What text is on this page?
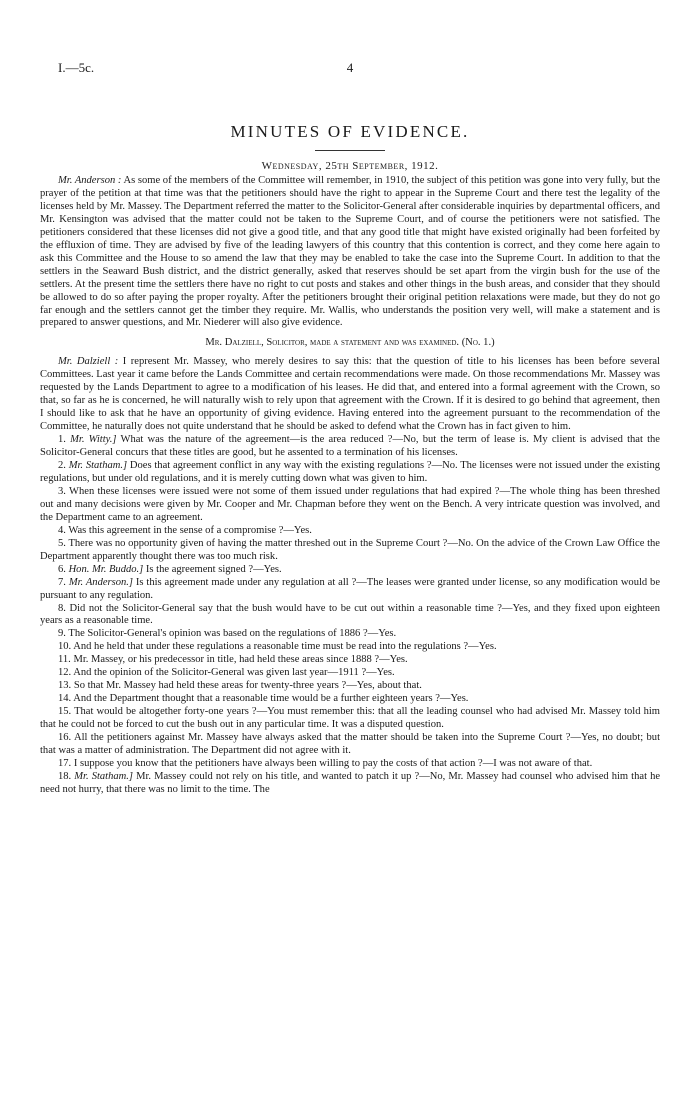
I.—5c.	4
MINUTES OF EVIDENCE.
Wednesday, 25th September, 1912.

Mr. Anderson : As some of the members of the Committee will remember, in 1910, the subject of this petition was gone into very fully, but the prayer of the petition at that time was that the petitioners should have the right to appear in the Supreme Court and there test the legality of the licenses held by Mr. Massey. The Department referred the matter to the Solicitor-General after considerable inquiries by departmental officers, and Mr. Kensington was advised that the matter could not be taken to the Supreme Court, and of course the petitioners were not satisfied. The petitioners considered that these licenses did not give a good title, and that any good title that might have existed originally had been forfeited by the effluxion of time. They are advised by five of the leading lawyers of this country that this contention is correct, and they come here again to ask this Committee and the House to so amend the law that they may be enabled to take the case into the Supreme Court. In addition to that the settlers in the Seaward Bush district, and the district generally, asked that reserves should be set apart from the virgin bush for the use of the settlers. At the present time the settlers there have no right to cut posts and stakes and other things in the bush areas, and consider that they should be allowed to do so after paying the proper royalty. After the petitioners brought their original petition relaxations were made, but they do not go far enough and the settlers cannot get the timber they require. Mr. Wallis, who understands the position very well, will make a statement and is prepared to answer questions, and Mr. Niederer will also give evidence.

Mr. Dalziell, Solicitor, made a statement and was examined. (No. 1.)

Mr. Dalziell : I represent Mr. Massey, who merely desires to say this: that the question of title to his licenses has been before several Committees. Last year it came before the Lands Committee and certain recommendations were made. On those recommendations Mr. Massey was requested by the Lands Department to agree to a modification of his leases. He did that, and entered into a formal agreement with the Crown, so that, so far as he is concerned, he will naturally wish to rely upon that agreement with the Crown. If it is desired to go behind that agreement, then I should like to ask that he have an opportunity of giving evidence. Having entered into the agreement pursuant to the recommendation of the Committee, he naturally does not quite understand that he should be asked to defend what the Crown has in fact given to him.

1. Mr. Witty.] What was the nature of the agreement—is the area reduced ?—No, but the term of lease is. My client is advised that the Solicitor-General concurs that these titles are good, but he assented to a termination of his licenses.

2. Mr. Statham.] Does that agreement conflict in any way with the existing regulations ?—No. The licenses were not issued under the existing regulations, but under old regulations, and it is merely cutting down what was given to him.

3. When these licenses were issued were not some of them issued under regulations that had expired ?—The whole thing has been threshed out and many decisions were given by Mr. Cooper and Mr. Chapman before they went on the Bench. A very intricate question was involved, and the Department came to an agreement.

4. Was this agreement in the sense of a compromise ?—Yes.

5. There was no opportunity given of having the matter threshed out in the Supreme Court ?—No. On the advice of the Crown Law Office the Department apparently thought there was too much risk.

6. Hon. Mr. Buddo.] Is the agreement signed ?—Yes.

7. Mr. Anderson.] Is this agreement made under any regulation at all ?—The leases were granted under license, so any modification would be pursuant to any regulation.

8. Did not the Solicitor-General say that the bush would have to be cut out within a reasonable time ?—Yes, and they fixed upon eighteen years as a reasonable time.

9. The Solicitor-General's opinion was based on the regulations of 1886 ?—Yes.

10. And he held that under these regulations a reasonable time must be read into the regulations ?—Yes.

11. Mr. Massey, or his predecessor in title, had held these areas since 1888 ?—Yes.

12. And the opinion of the Solicitor-General was given last year—1911 ?—Yes.

13. So that Mr. Massey had held these areas for twenty-three years ?—Yes, about that.

14. And the Department thought that a reasonable time would be a further eighteen years ?—Yes.

15. That would be altogether forty-one years ?—You must remember this: that all the leading counsel who had advised Mr. Massey told him that he could not be forced to cut the bush out in any particular time. It was a disputed question.

16. All the petitioners against Mr. Massey have always asked that the matter should be taken into the Supreme Court ?—Yes, no doubt; but that was a matter of administration. The Department did not agree with it.

17. I suppose you know that the petitioners have always been willing to pay the costs of that action ?—I was not aware of that.

18. Mr. Statham.] Mr. Massey could not rely on his title, and wanted to patch it up ?—No, Mr. Massey had counsel who advised him that he need not hurry, that there was no limit to the time. The
